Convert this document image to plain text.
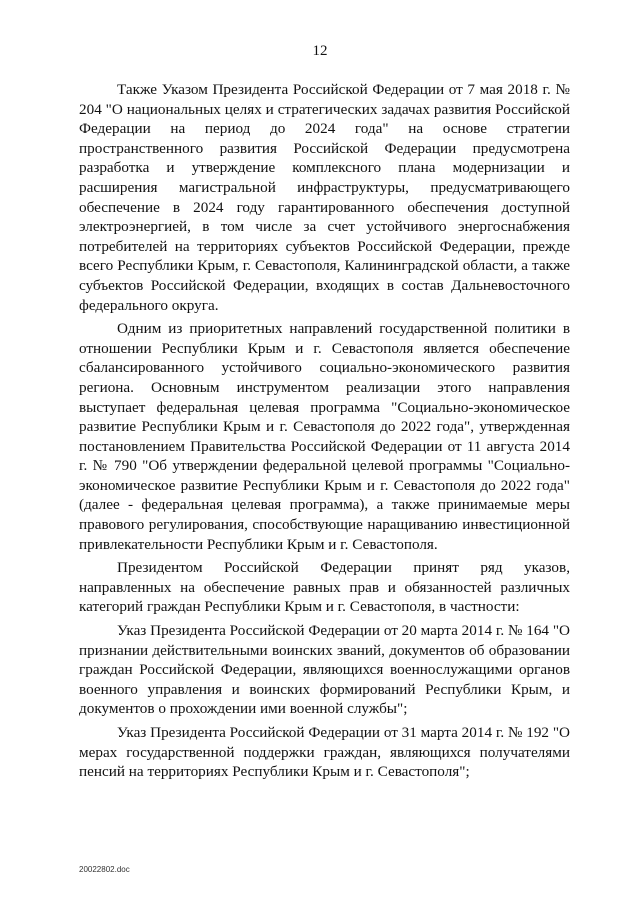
12

Также Указом Президента Российской Федерации от 7 мая 2018 г. № 204 "О национальных целях и стратегических задачах развития Российской Федерации на период до 2024 года" на основе стратегии пространственного развития Российской Федерации предусмотрена разработка и утверждение комплексного плана модернизации и расширения магистральной инфраструктуры, предусматривающего обеспечение в 2024 году гарантированного обеспечения доступной электроэнергией, в том числе за счет устойчивого энергоснабжения потребителей на территориях субъектов Российской Федерации, прежде всего Республики Крым, г. Севастополя, Калининградской области, а также субъектов Российской Федерации, входящих в состав Дальневосточного федерального округа.

Одним из приоритетных направлений государственной политики в отношении Республики Крым и г. Севастополя является обеспечение сбалансированного устойчивого социально-экономического развития региона. Основным инструментом реализации этого направления выступает федеральная целевая программа "Социально-экономическое развитие Республики Крым и г. Севастополя до 2022 года", утвержденная постановлением Правительства Российской Федерации от 11 августа 2014 г. № 790 "Об утверждении федеральной целевой программы "Социально-экономическое развитие Республики Крым и г. Севастополя до 2022 года" (далее - федеральная целевая программа), а также принимаемые меры правового регулирования, способствующие наращиванию инвестиционной привлекательности Республики Крым и г. Севастополя.

Президентом Российской Федерации принят ряд указов, направленных на обеспечение равных прав и обязанностей различных категорий граждан Республики Крым и г. Севастополя, в частности:

Указ Президента Российской Федерации от 20 марта 2014 г. № 164 "О признании действительными воинских званий, документов об образовании граждан Российской Федерации, являющихся военнослужащими органов военного управления и воинских формирований Республики Крым, и документов о прохождении ими военной службы";

Указ Президента Российской Федерации от 31 марта 2014 г. № 192 "О мерах государственной поддержки граждан, являющихся получателями пенсий на территориях Республики Крым и г. Севастополя";

20022802.doc
